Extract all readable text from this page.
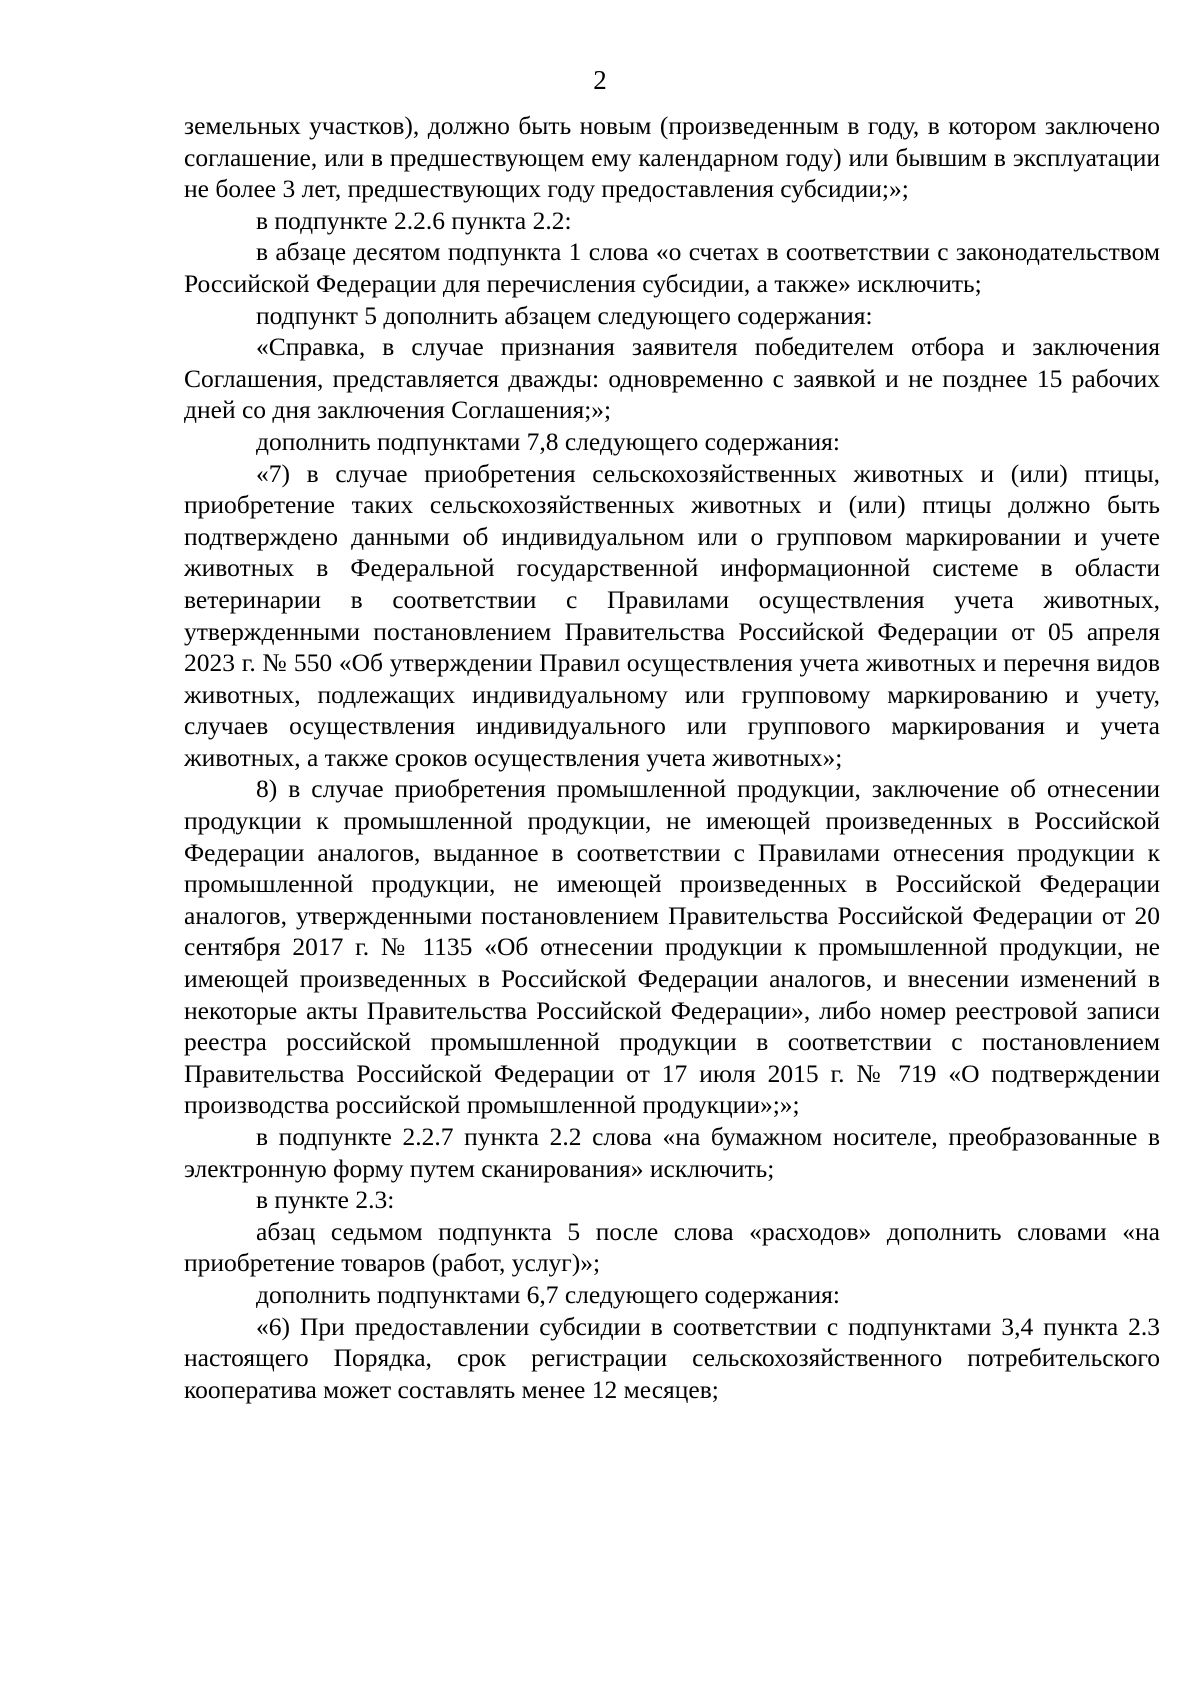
2

земельных участков), должно быть новым (произведенным в году, в котором заключено соглашение, или в предшествующем ему календарном году) или бывшим в эксплуатации не более 3 лет, предшествующих году предоставления субсидии;»;

в подпункте 2.2.6 пункта 2.2:

в абзаце десятом подпункта 1 слова «о счетах в соответствии с законодательством Российской Федерации для перечисления субсидии, а также» исключить;

подпункт 5 дополнить абзацем следующего содержания:

«Справка, в случае признания заявителя победителем отбора и заключения Соглашения, представляется дважды: одновременно с заявкой и не позднее 15 рабочих дней со дня заключения Соглашения;»;

дополнить подпунктами 7,8 следующего содержания:

«7) в случае приобретения сельскохозяйственных животных и (или) птицы, приобретение таких сельскохозяйственных животных и (или) птицы должно быть подтверждено данными об индивидуальном или о групповом маркировании и учете животных в Федеральной государственной информационной системе в области ветеринарии в соответствии с Правилами осуществления учета животных, утвержденными постановлением Правительства Российской Федерации от 05 апреля 2023 г. № 550 «Об утверждении Правил осуществления учета животных и перечня видов животных, подлежащих индивидуальному или групповому маркированию и учету, случаев осуществления индивидуального или группового маркирования и учета животных, а также сроков осуществления учета животных»;

8) в случае приобретения промышленной продукции, заключение об отнесении продукции к промышленной продукции, не имеющей произведенных в Российской Федерации аналогов, выданное в соответствии с Правилами отнесения продукции к промышленной продукции, не имеющей произведенных в Российской Федерации аналогов, утвержденными постановлением Правительства Российской Федерации от 20 сентября 2017 г. № 1135 «Об отнесении продукции к промышленной продукции, не имеющей произведенных в Российской Федерации аналогов, и внесении изменений в некоторые акты Правительства Российской Федерации», либо номер реестровой записи реестра российской промышленной продукции в соответствии с постановлением Правительства Российской Федерации от 17 июля 2015 г. № 719 «О подтверждении производства российской промышленной продукции»;»;

в подпункте 2.2.7 пункта 2.2 слова «на бумажном носителе, преобразованные в электронную форму путем сканирования» исключить;

в пункте 2.3:

абзац седьмом подпункта 5 после слова «расходов» дополнить словами «на приобретение товаров (работ, услуг)»;

дополнить подпунктами 6,7 следующего содержания:

«6) При предоставлении субсидии в соответствии с подпунктами 3,4 пункта 2.3 настоящего Порядка, срок регистрации сельскохозяйственного потребительского кооператива может составлять менее 12 месяцев;
